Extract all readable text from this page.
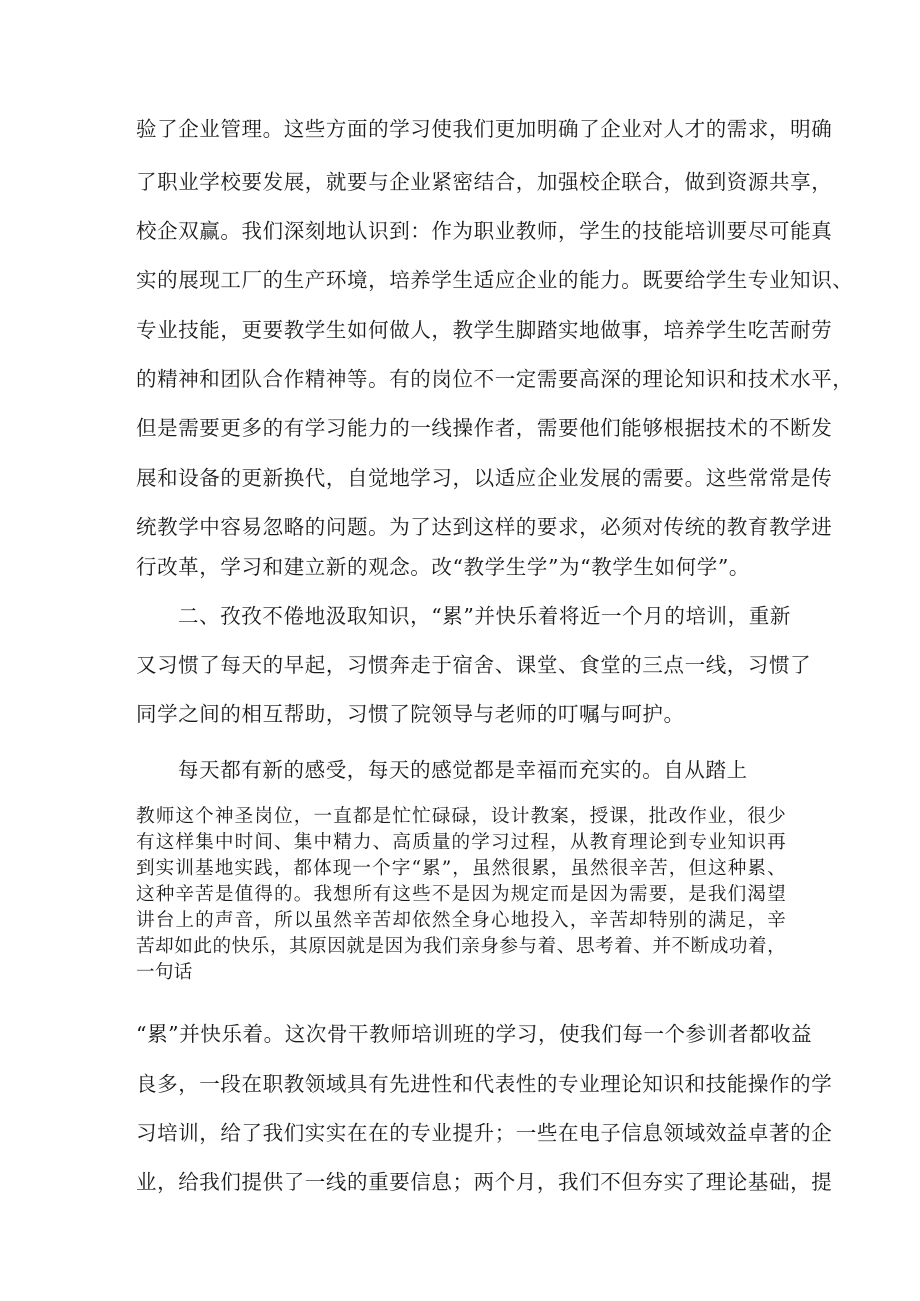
验了企业管理。这些方面的学习使我们更加明确了企业对人才的需求，明确

了职业学校要发展，就要与企业紧密结合，加强校企联合，做到资源共享，

校企双赢。我们深刻地认识到：作为职业教师，学生的技能培训要尽可能真

实的展现工厂的生产环境，培养学生适应企业的能力。既要给学生专业知识、

专业技能，更要教学生如何做人，教学生脚踏实地做事，培养学生吃苦耐劳

的精神和团队合作精神等。有的岗位不一定需要高深的理论知识和技术水平，

但是需要更多的有学习能力的一线操作者，需要他们能够根据技术的不断发

展和设备的更新换代，自觉地学习，以适应企业发展的需要。这些常常是传

统教学中容易忽略的问题。为了达到这样的要求，必须对传统的教育教学进

行改革，学习和建立新的观念。改“教学生学”为“教学生如何学”。

二、孜孜不倦地汲取知识，“累”并快乐着将近一个月的培训，重新

又习惯了每天的早起，习惯奔走于宿舍、课堂、食堂的三点一线，习惯了

同学之间的相互帮助，习惯了院领导与老师的叮嘱与呵护。

每天都有新的感受，每天的感觉都是幸福而充实的。自从踏上

教师这个神圣岗位，一直都是忙忙碌碌，设计教案，授课，批改作业，很少

有这样集中时间、集中精力、高质量的学习过程，从教育理论到专业知识再

到实训基地实践，都体现一个字“累”，虽然很累，虽然很辛苦，但这种累、

这种辛苦是值得的。我想所有这些不是因为规定而是因为需要，是我们渴望

讲台上的声音，所以虽然辛苦却依然全身心地投入，辛苦却特别的满足，辛

苦却如此的快乐，其原因就是因为我们亲身参与着、思考着、并不断成功着，

一句话

“累”并快乐着。这次骨干教师培训班的学习，使我们每一个参训者都收益

良多，一段在职教领域具有先进性和代表性的专业理论知识和技能操作的学

习培训，给了我们实实在在的专业提升；一些在电子信息领域效益卓著的企

业，给我们提供了一线的重要信息；两个月，我们不但夯实了理论基础，提
